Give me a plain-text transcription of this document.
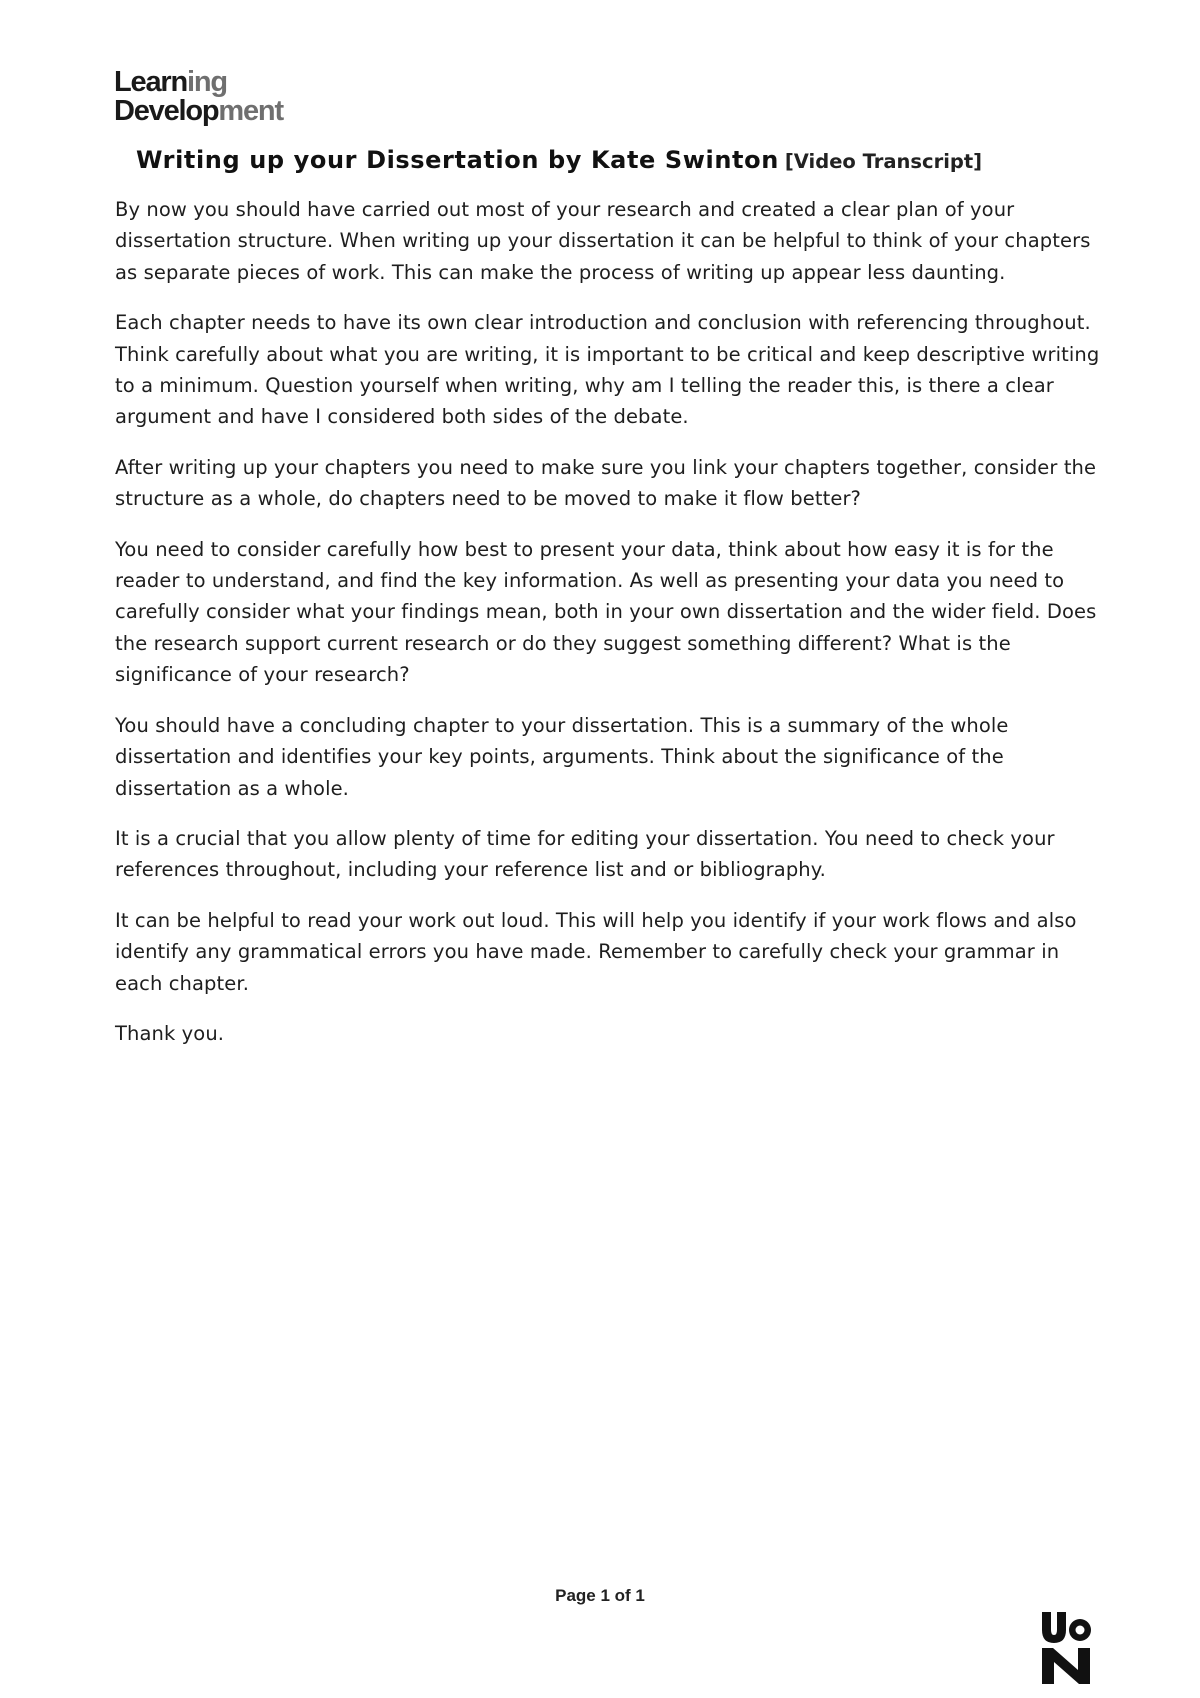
Learning
Development
Writing up your Dissertation by Kate Swinton [Video Transcript]

By now you should have carried out most of your research and created a clear plan of your dissertation structure. When writing up your dissertation it can be helpful to think of your chapters as separate pieces of work. This can make the process of writing up appear less daunting.

Each chapter needs to have its own clear introduction and conclusion with referencing throughout. Think carefully about what you are writing, it is important to be critical and keep descriptive writing to a minimum. Question yourself when writing, why am I telling the reader this, is there a clear argument and have I considered both sides of the debate.

After writing up your chapters you need to make sure you link your chapters together, consider the structure as a whole, do chapters need to be moved to make it flow better?

You need to consider carefully how best to present your data, think about how easy it is for the reader to understand, and find the key information. As well as presenting your data you need to carefully consider what your findings mean, both in your own dissertation and the wider field. Does the research support current research or do they suggest something different? What is the significance of your research?

You should have a concluding chapter to your dissertation. This is a summary of the whole dissertation and identifies your key points, arguments. Think about the significance of the dissertation as a whole.

It is a crucial that you allow plenty of time for editing your dissertation. You need to check your references throughout, including your reference list and or bibliography.

It can be helpful to read your work out loud. This will help you identify if your work flows and also identify any grammatical errors you have made. Remember to carefully check your grammar in each chapter.

Thank you.

Page 1 of 1
